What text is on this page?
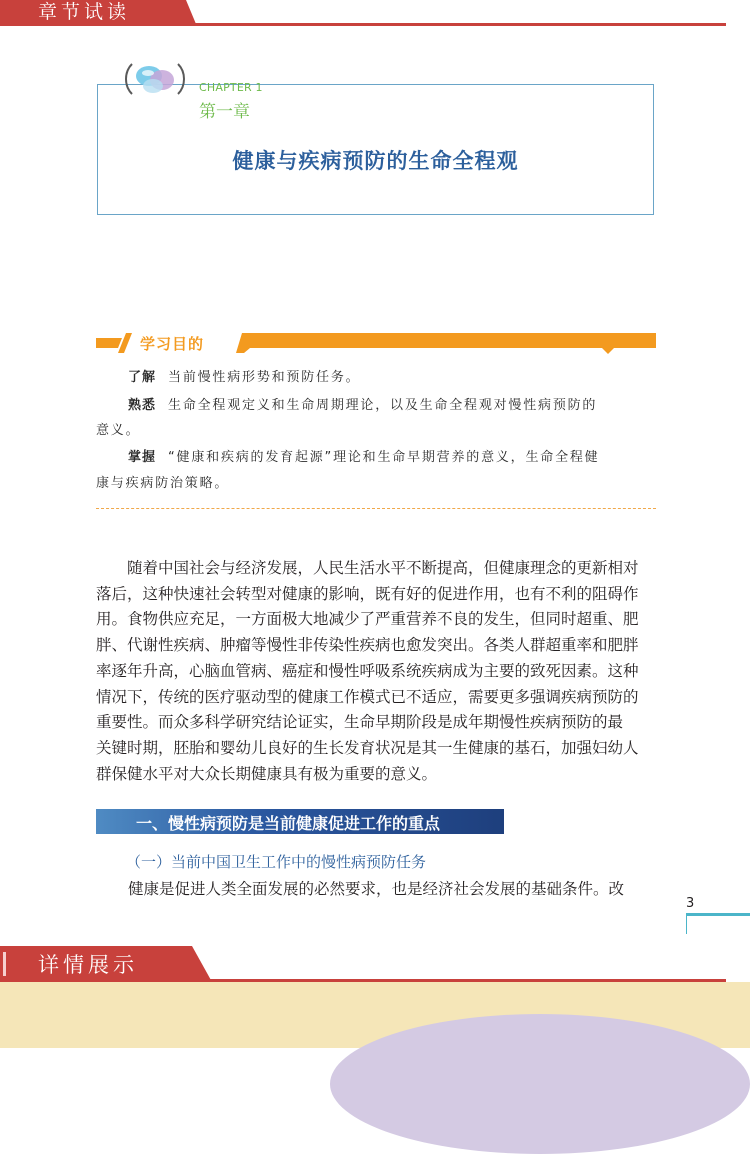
章节试读
CHAPTER 1
第一章
健康与疾病预防的生命全程观
学习目的
了解 当前慢性病形势和预防任务。
熟悉 生命全程观定义和生命周期理论，以及生命全程观对慢性病预防的
意义。
掌握 “健康和疾病的发育起源”理论和生命早期营养的意义，生命全程健
康与疾病防治策略。
　　随着中国社会与经济发展，人民生活水平不断提高，但健康理念的更新相对
落后，这种快速社会转型对健康的影响，既有好的促进作用，也有不利的阻碍作
用。食物供应充足，一方面极大地减少了严重营养不良的发生，但同时超重、肥
胖、代谢性疾病、肿瘤等慢性非传染性疾病也愈发突出。各类人群超重率和肥胖
率逐年升高，心脑血管病、癌症和慢性呼吸系统疾病成为主要的致死因素。这种
情况下，传统的医疗驱动型的健康工作模式已不适应，需要更多强调疾病预防的
重要性。而众多科学研究结论证实，生命早期阶段是成年期慢性疾病预防的最
关键时期，胚胎和婴幼儿良好的生长发育状况是其一生健康的基石，加强妇幼人
群保健水平对大众长期健康具有极为重要的意义。
一、慢性病预防是当前健康促进工作的重点
（一）当前中国卫生工作中的慢性病预防任务
健康是促进人类全面发展的必然要求，也是经济社会发展的基础条件。改
3
详情展示
